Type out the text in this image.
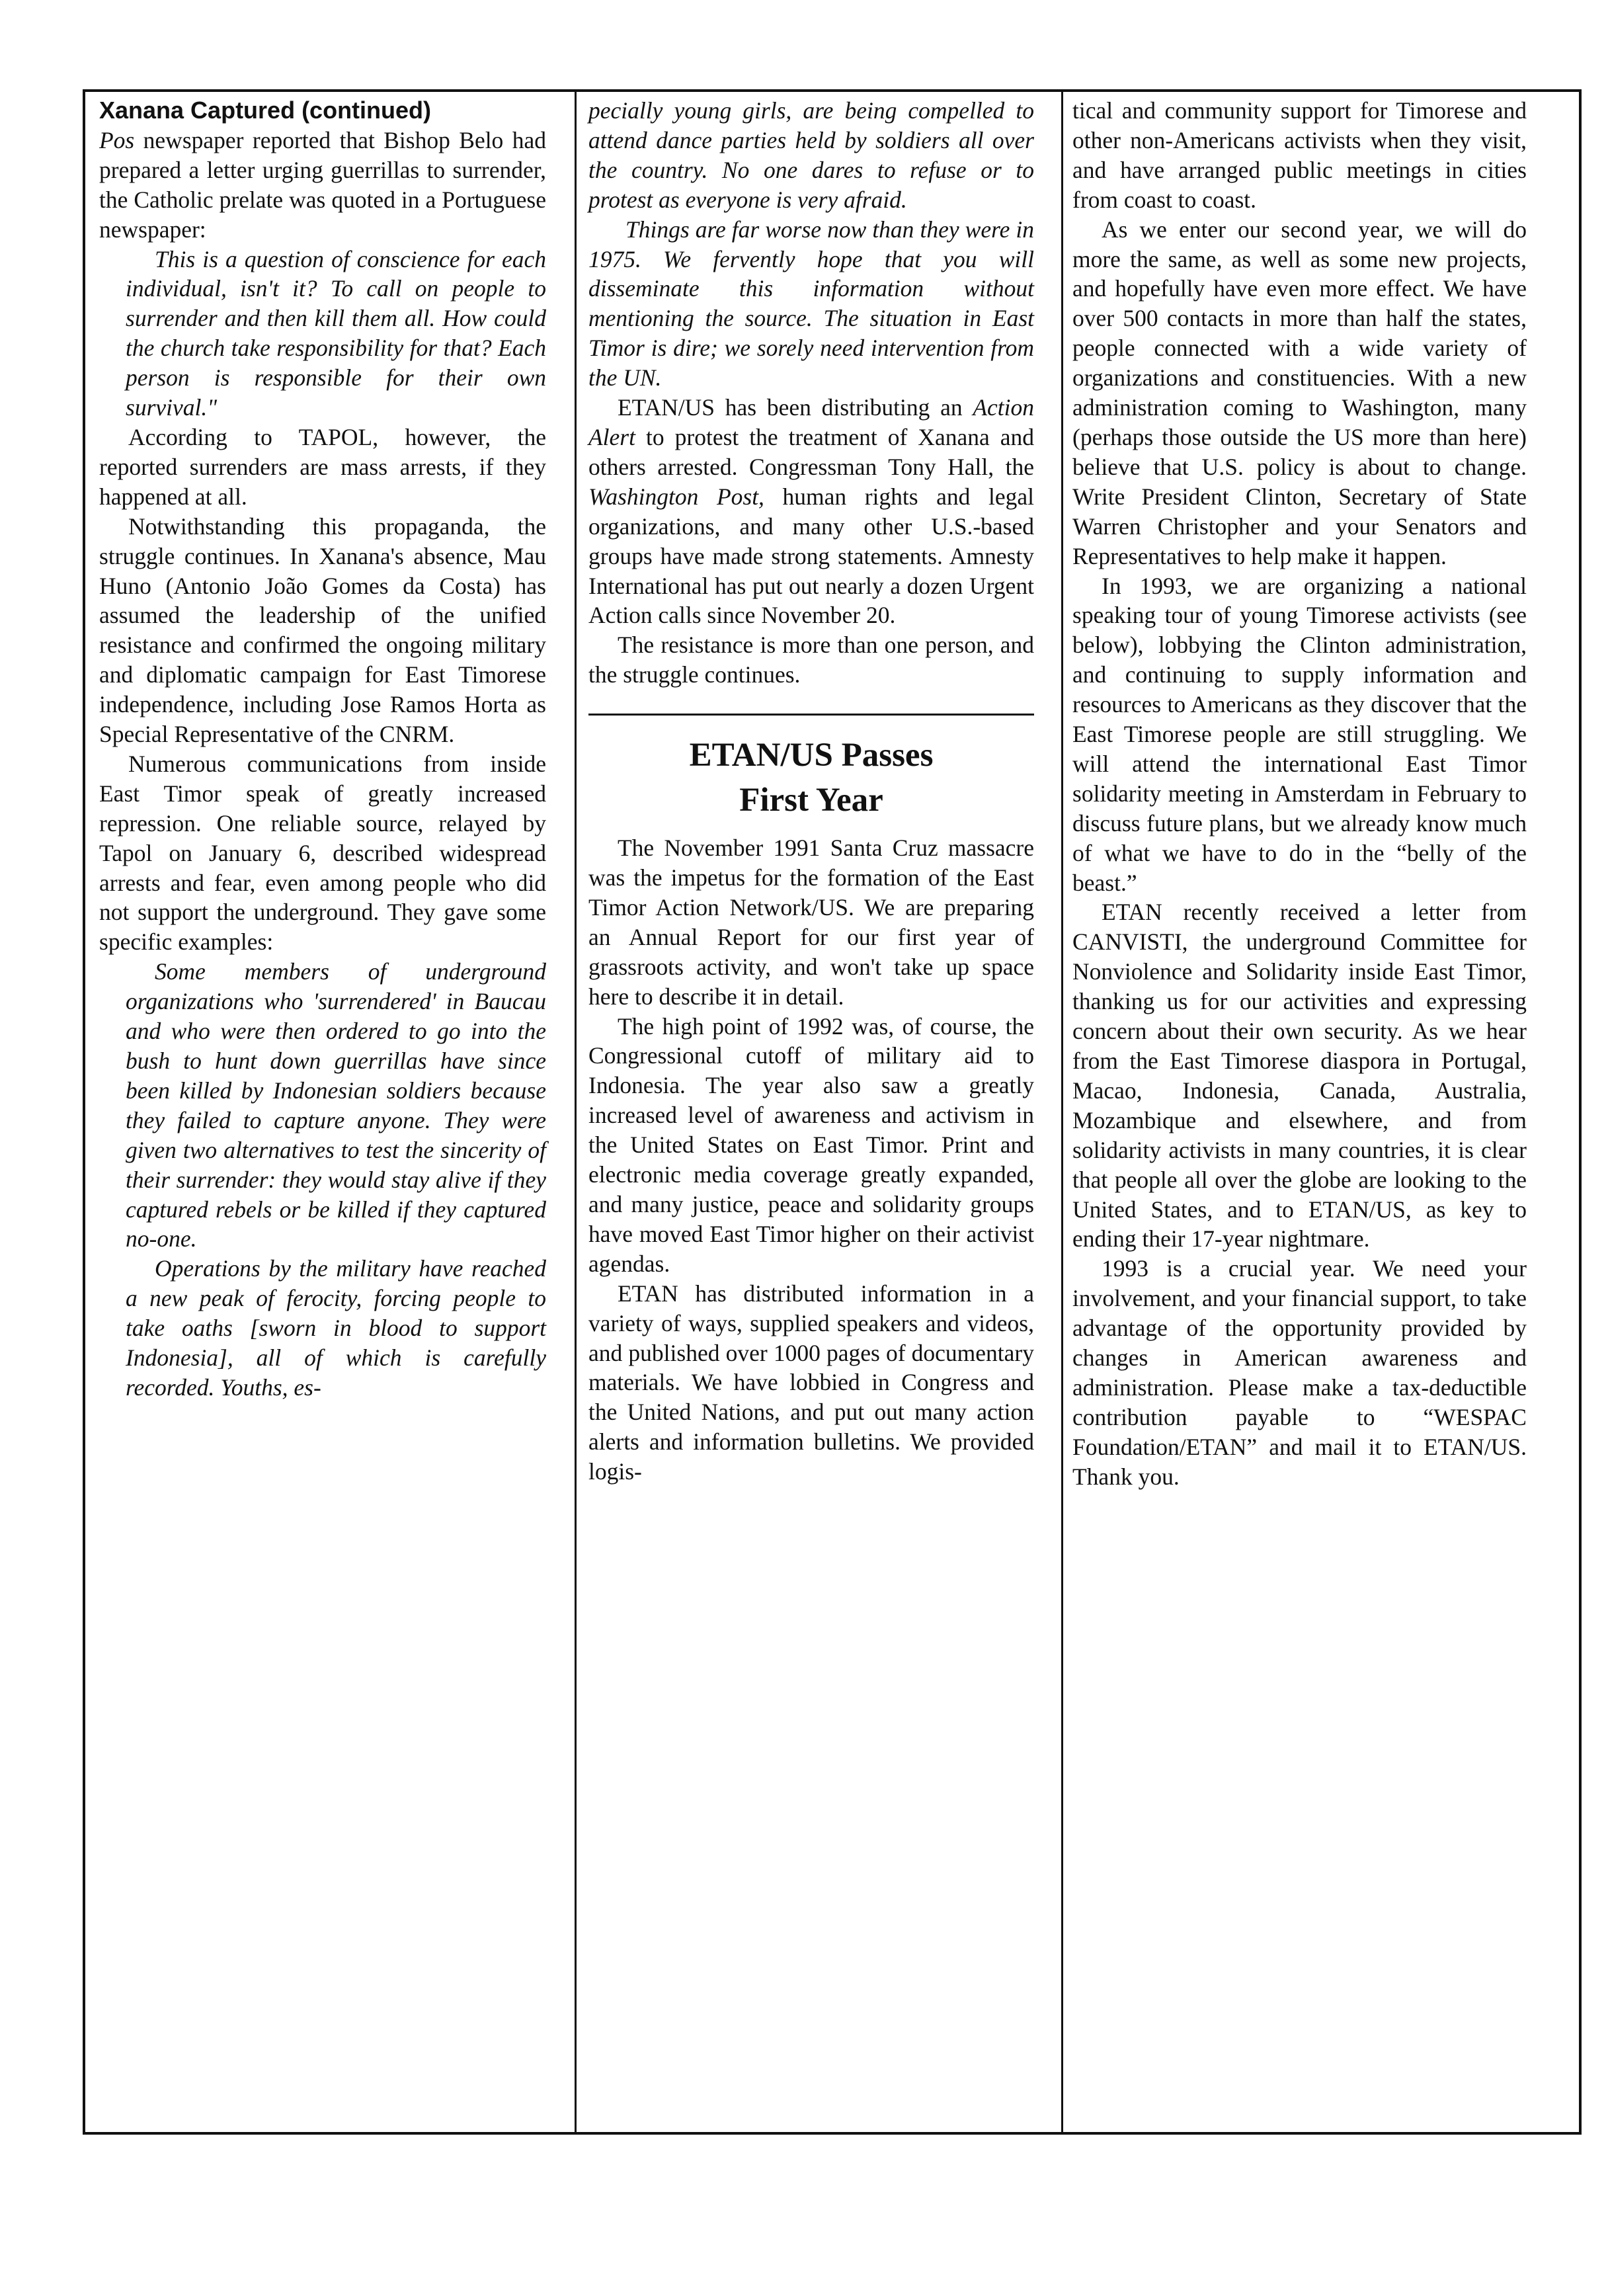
Xanana Captured (continued)

Pos newspaper reported that Bishop Belo had prepared a letter urging guerrillas to surrender, the Catholic prelate was quoted in a Portuguese newspaper:

This is a question of conscience for each individual, isn't it? To call on people to surrender and then kill them all. How could the church take responsibility for that? Each person is responsible for their own survival."

According to TAPOL, however, the reported surrenders are mass arrests, if they happened at all.

Notwithstanding this propaganda, the struggle continues. In Xanana's absence, Mau Huno (Antonio João Gomes da Costa) has assumed the leadership of the unified resistance and confirmed the ongoing military and diplomatic campaign for East Timorese independence, including Jose Ramos Horta as Special Representative of the CNRM.

Numerous communications from inside East Timor speak of greatly increased repression. One reliable source, relayed by Tapol on January 6, described widespread arrests and fear, even among people who did not support the underground. They gave some specific examples:

Some members of underground organizations who 'surrendered' in Baucau and who were then ordered to go into the bush to hunt down guerrillas have since been killed by Indonesian soldiers because they failed to capture anyone. They were given two alternatives to test the sincerity of their surrender: they would stay alive if they captured rebels or be killed if they captured no-one.

Operations by the military have reached a new peak of ferocity, forcing people to take oaths [sworn in blood to support Indonesia], all of which is carefully recorded. Youths, es-

pecially young girls, are being compelled to attend dance parties held by soldiers all over the country. No one dares to refuse or to protest as everyone is very afraid.

Things are far worse now than they were in 1975. We fervently hope that you will disseminate this information without mentioning the source. The situation in East Timor is dire; we sorely need intervention from the UN.

ETAN/US has been distributing an Action Alert to protest the treatment of Xanana and others arrested. Congressman Tony Hall, the Washington Post, human rights and legal organizations, and many other U.S.-based groups have made strong statements. Amnesty International has put out nearly a dozen Urgent Action calls since November 20.

The resistance is more than one person, and the struggle continues.

ETAN/US Passes
First Year

The November 1991 Santa Cruz massacre was the impetus for the formation of the East Timor Action Network/US. We are preparing an Annual Report for our first year of grassroots activity, and won't take up space here to describe it in detail.

The high point of 1992 was, of course, the Congressional cutoff of military aid to Indonesia. The year also saw a greatly increased level of awareness and activism in the United States on East Timor. Print and electronic media coverage greatly expanded, and many justice, peace and solidarity groups have moved East Timor higher on their activist agendas.

ETAN has distributed information in a variety of ways, supplied speakers and videos, and published over 1000 pages of documentary materials. We have lobbied in Congress and the United Nations, and put out many action alerts and information bulletins. We provided logis-

tical and community support for Timorese and other non-Americans activists when they visit, and have arranged public meetings in cities from coast to coast.

As we enter our second year, we will do more the same, as well as some new projects, and hopefully have even more effect. We have over 500 contacts in more than half the states, people connected with a wide variety of organizations and constituencies. With a new administration coming to Washington, many (perhaps those outside the US more than here) believe that U.S. policy is about to change. Write President Clinton, Secretary of State Warren Christopher and your Senators and Representatives to help make it happen.

In 1993, we are organizing a national speaking tour of young Timorese activists (see below), lobbying the Clinton administration, and continuing to supply information and resources to Americans as they discover that the East Timorese people are still struggling. We will attend the international East Timor solidarity meeting in Amsterdam in February to discuss future plans, but we already know much of what we have to do in the “belly of the beast.”

ETAN recently received a letter from CANVISTI, the underground Committee for Nonviolence and Solidarity inside East Timor, thanking us for our activities and expressing concern about their own security. As we hear from the East Timorese diaspora in Portugal, Macao, Indonesia, Canada, Australia, Mozambique and elsewhere, and from solidarity activists in many countries, it is clear that people all over the globe are looking to the United States, and to ETAN/US, as key to ending their 17-year nightmare.

1993 is a crucial year. We need your involvement, and your financial support, to take advantage of the opportunity provided by changes in American awareness and administration. Please make a tax-deductible contribution payable to “WESPAC Foundation/ETAN” and mail it to ETAN/US. Thank you.
